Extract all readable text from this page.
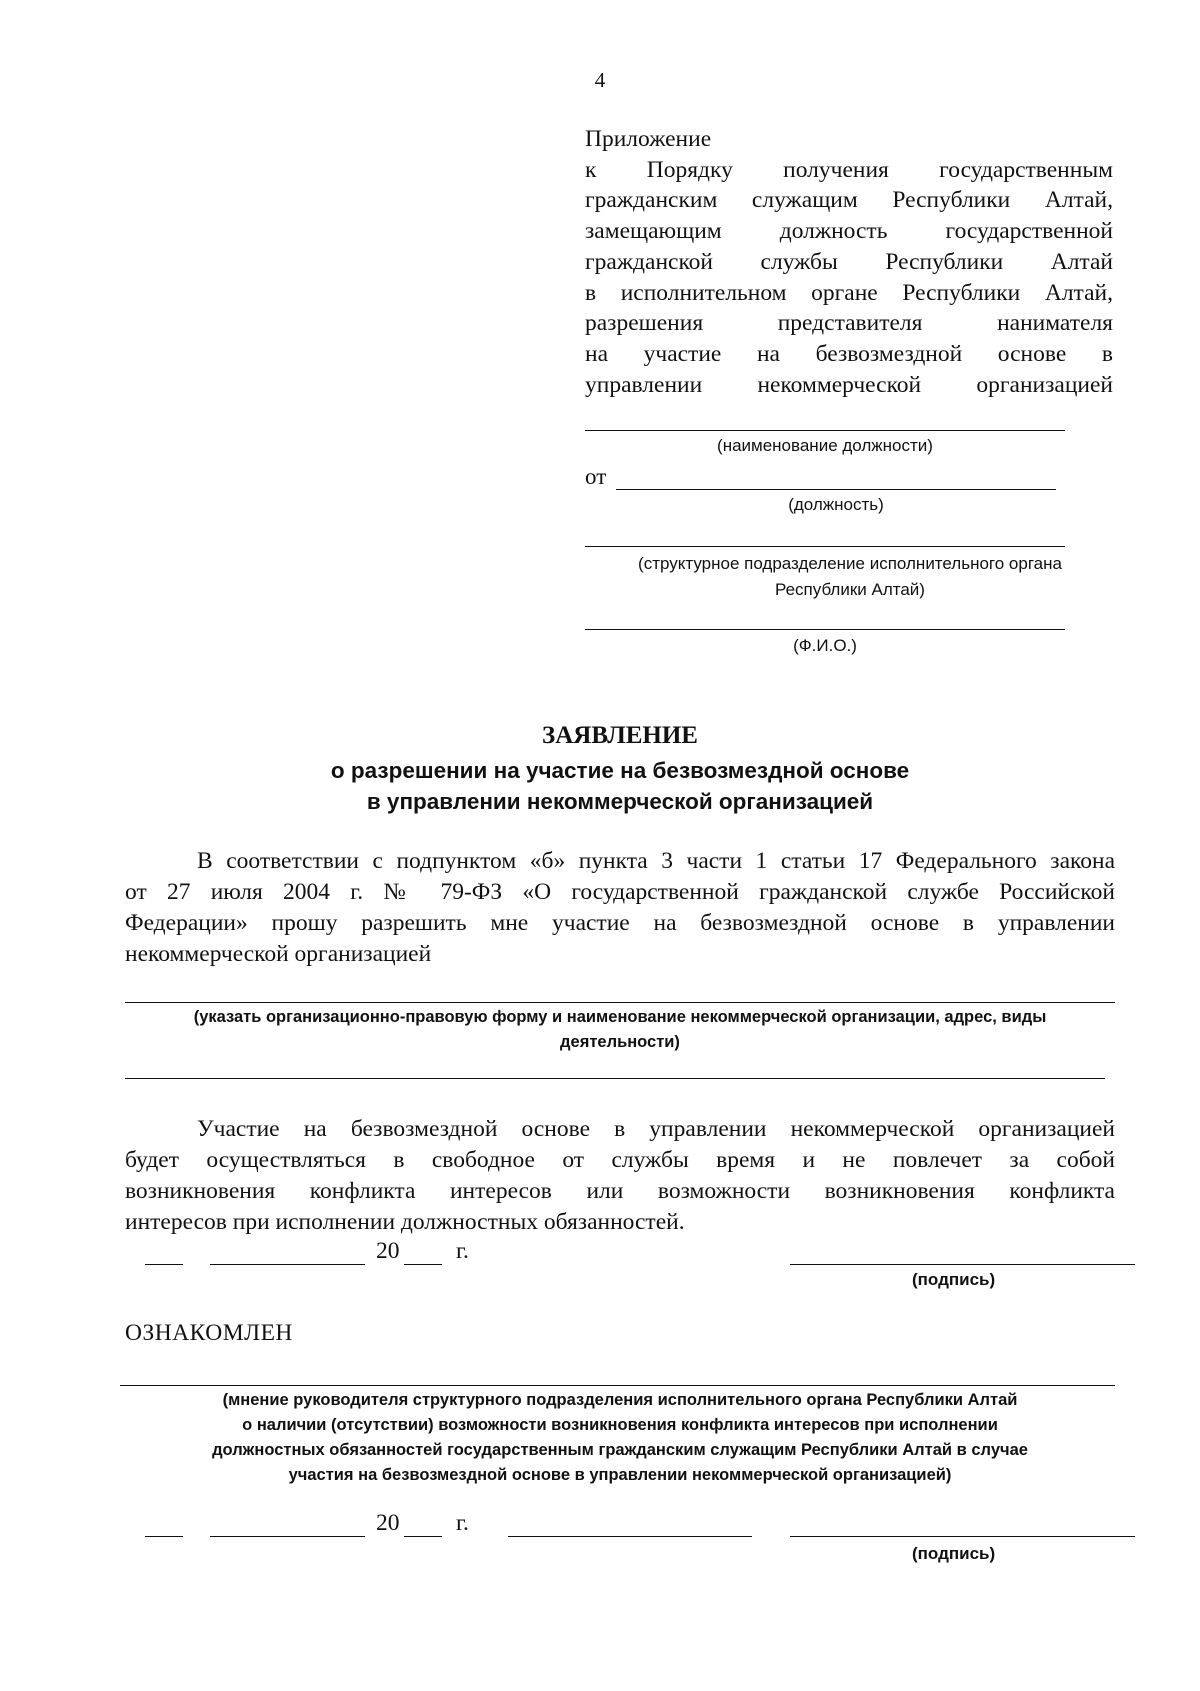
4
Приложение
к Порядку получения государственным
гражданским служащим Республики Алтай,
замещающим должность государственной
гражданской службы Республики Алтай
в исполнительном органе Республики Алтай,
разрешения представителя нанимателя
на участие на безвозмездной основе в
управлении некоммерческой организацией
(наименование должности)
от
(должность)
(структурное подразделение исполнительного органа
Республики Алтай)
(Ф.И.О.)
ЗАЯВЛЕНИЕ
о разрешении на участие на безвозмездной основе
в управлении некоммерческой организацией
В соответствии с подпунктом «б» пункта 3 части 1 статьи 17 Федерального закона
от 27 июля 2004 г. № 79-ФЗ «О государственной гражданской службе Российской
Федерации» прошу разрешить мне участие на безвозмездной основе в управлении
некоммерческой организацией
(указать организационно-правовую форму и наименование некоммерческой организации, адрес, виды
деятельности)
Участие на безвозмездной основе в управлении некоммерческой организацией
будет осуществляться в свободное от службы время и не повлечет за собой
возникновения конфликта интересов или возможности возникновения конфликта
интересов при исполнении должностных обязанностей.
20 г.
(подпись)
ОЗНАКОМЛЕН
(мнение руководителя структурного подразделения исполнительного органа Республики Алтай
о наличии (отсутствии) возможности возникновения конфликта интересов при исполнении
должностных обязанностей государственным гражданским служащим Республики Алтай в случае
участия на безвозмездной основе в управлении некоммерческой организацией)
20 г.
(подпись)
